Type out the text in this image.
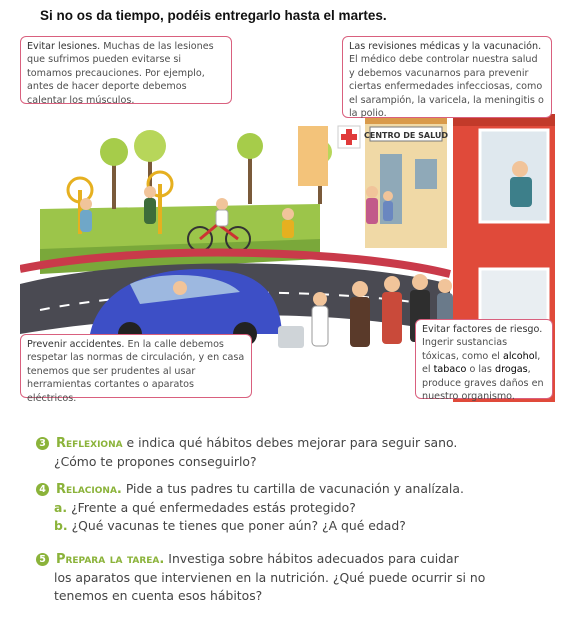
Si no os da tiempo, podéis entregarlo hasta el martes.
CENTRO DE SALUD
Evitar lesiones. Muchas de las lesiones que sufrimos pueden evitarse si tomamos precauciones. Por ejemplo, antes de hacer deporte debemos calentar los músculos.
Las revisiones médicas y la vacunación. El médico debe controlar nuestra salud y debemos vacunarnos para prevenir ciertas enfermedades infecciosas, como el sarampión, la varicela, la meningitis o la polio.
Prevenir accidentes. En la calle debemos respetar las normas de circulación, y en casa tenemos que ser prudentes al usar herramientas cortantes o aparatos eléctricos.
Evitar factores de riesgo. Ingerir sustancias tóxicas, como el alcohol, el tabaco o las drogas, produce graves daños en nuestro organismo.
3 Reflexiona e indica qué hábitos debes mejorar para seguir sano.
¿Cómo te propones conseguirlo?
4 Relaciona. Pide a tus padres tu cartilla de vacunación y analízala.
a. ¿Frente a qué enfermedades estás protegido?
b. ¿Qué vacunas te tienes que poner aún? ¿A qué edad?
5 Prepara la tarea. Investiga sobre hábitos adecuados para cuidar
los aparatos que intervienen en la nutrición. ¿Qué puede ocurrir si no
tenemos en cuenta esos hábitos?
